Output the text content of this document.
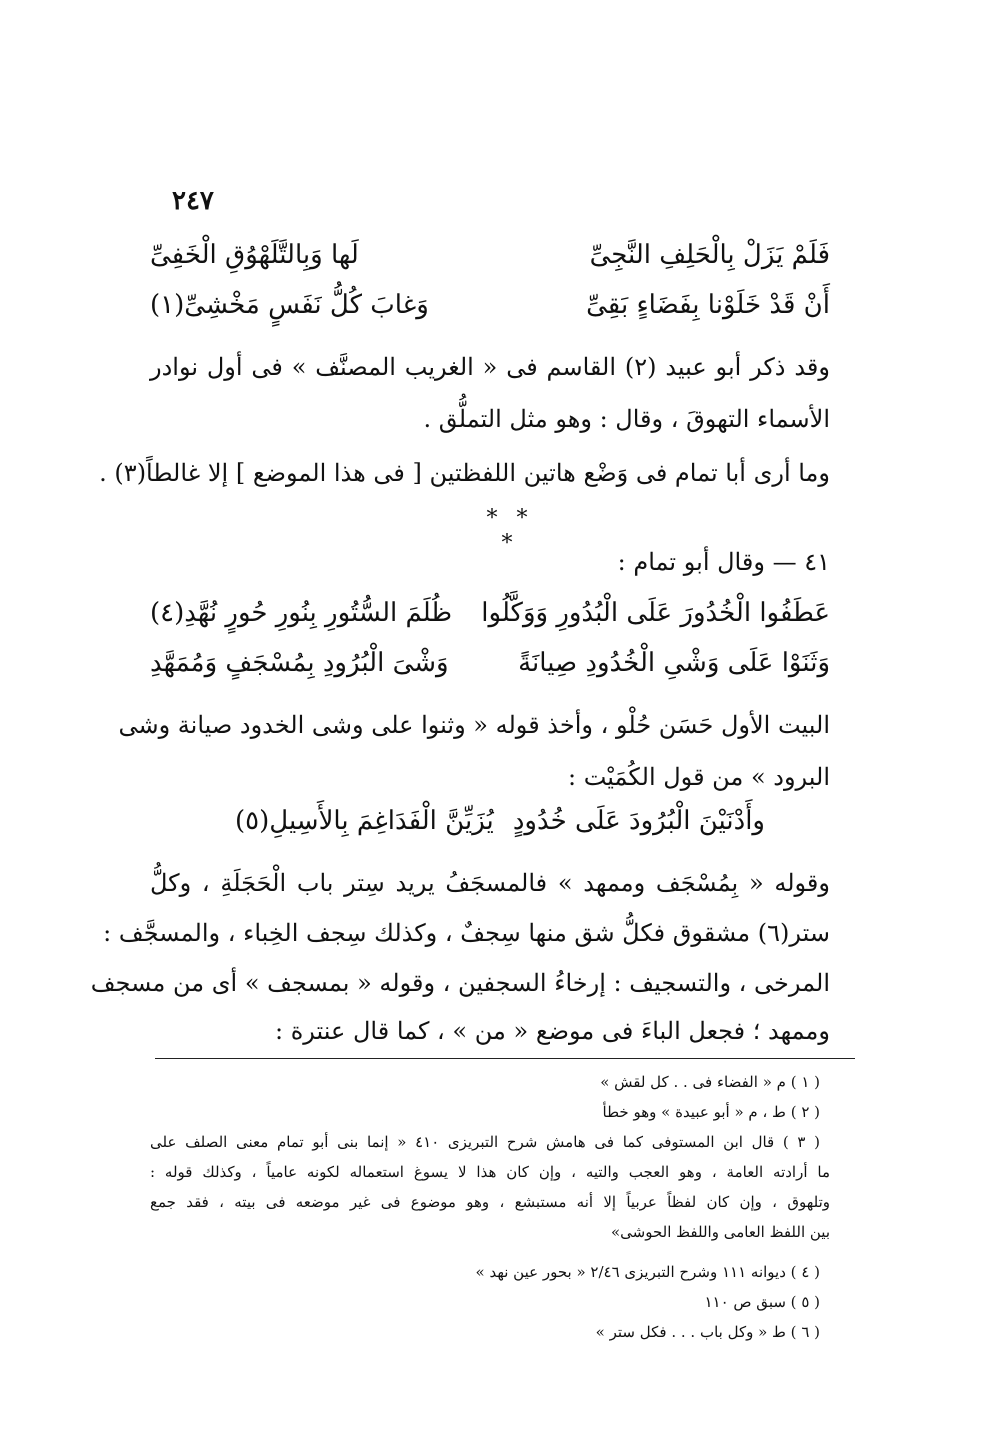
٢٤٧
فَلَمْ يَزَلْ بِالْحَلِفِ النَّجِىِّ
لَها وَبِالتَّلَهْوُقِ الْخَفِىِّ
أَنْ قَدْ خَلَوْنا بِفَضَاءٍ بَقِىِّ
وَغابَ كُلُّ نَفَسٍ مَخْشِىِّ(١)
وقد ذكر أبو عبيد (٢) القاسم فى « الغريب المصنَّف » فى أول نوادر
الأسماء التهوقَ ، وقال : وهو مثل التملُّق .
وما أرى أبا تمام فى وَضْع هاتين اللفظتين [ فى هذا الموضع ] إلا غالطاً(٣) .
* * *
٤١ — وقال أبو تمام :
عَطَفُوا الْخُدُورَ عَلَى الْبُدُورِ وَوَكَّلُوا
ظُلَمَ السُّتُورِ بِنُورِ حُورٍ نُهَّدِ(٤)
وَثَنَوْا عَلَى وَشْىِ الْخُدُودِ صِيانَةً
وَشْىَ الْبُرُودِ بِمُسْجَفٍ وَمُمَهَّدِ
البيت الأول حَسَن حُلْو ، وأخذ قوله « وثنوا على وشى الخدود صيانة وشى
البرود » من قول الكُمَيْت :
وأَدْنَيْنَ الْبُرُودَ عَلَى خُدُودٍ
يُزَيِّنَّ الْفَدَاغِمَ بِالأَسِيلِ(٥)
وقوله « بِمُسْجَف وممهد » فالمسجَفُ يريد سِتر باب الْحَجَلَةِ ، وكلُّ
ستر(٦) مشقوق فكلُّ شق منها سِجفٌ ، وكذلك سِجف الخِباء ، والمسجَّف :
المرخى ، والتسجيف : إرخاءُ السجفين ، وقوله « بمسجف » أى من مسجف
وممهد ؛ فجعل الباءَ فى موضع « من » ، كما قال عنترة :
( ١ ) م « الفضاء فى . . كل لقش »
( ٢ ) ط ، م « أبو عبيدة » وهو خطأ
( ٣ ) قال ابن المستوفى كما فى هامش شرح التبريزى ٤١٠ « إنما بنى أبو تمام معنى الصلف على
ما أرادته العامة ، وهو العجب والتيه ، وإن كان هذا لا يسوغ استعماله لكونه عامياً ، وكذلك قوله :
وتلهوق ، وإن كان لفظاً عربياً إلا أنه مستبشع ، وهو موضوع فى غير موضعه فى بيته ، فقد جمع
بين اللفظ العامى واللفظ الحوشى»
( ٤ ) ديوانه ١١١ وشرح التبريزى ٢/٤٦ « بحور عين نهد »
( ٥ ) سبق ص ١١٠
( ٦ ) ط « وكل باب . . . فكل ستر »
